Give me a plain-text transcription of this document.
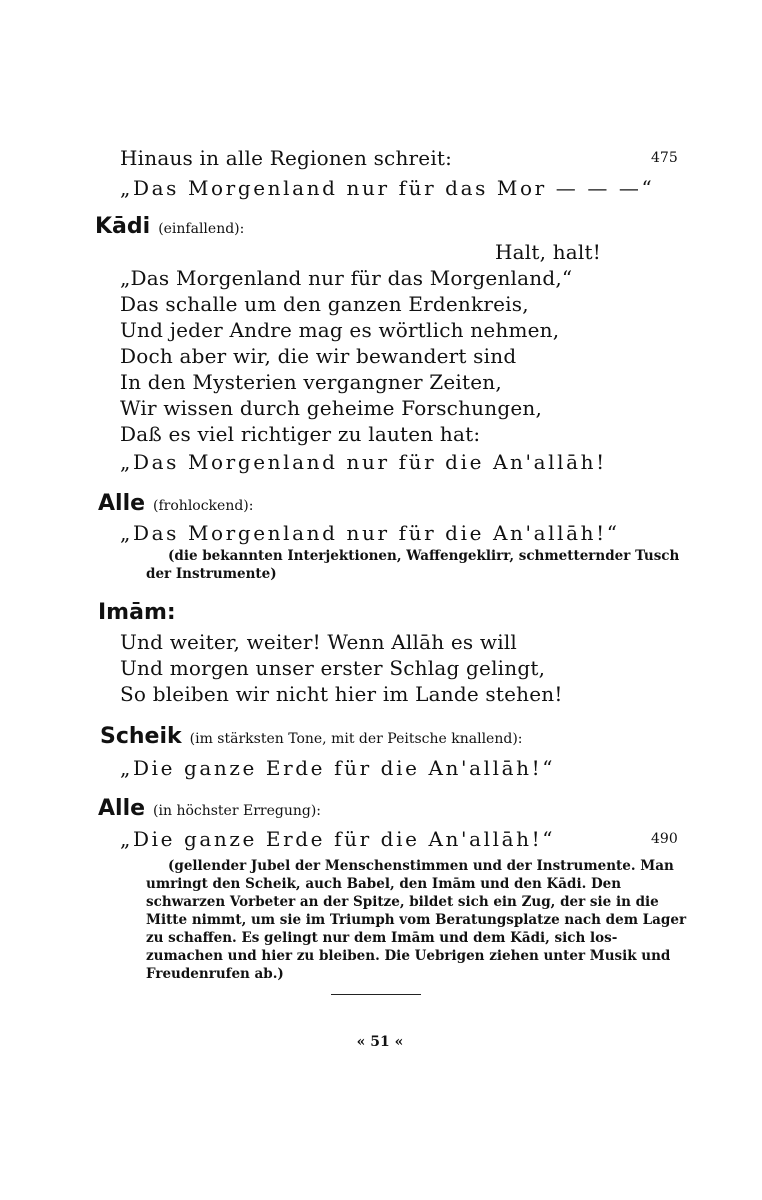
475
Hinaus in alle Regionen schreit:
„Das Morgenland nur für das Mor — — —“
Kādi (einfallend):
Halt, halt!
„Das Morgenland nur für das Morgenland,“
Das schalle um den ganzen Erdenkreis,
Und jeder Andre mag es wörtlich nehmen,
Doch aber wir, die wir bewandert sind
In den Mysterien vergangner Zeiten,
Wir wissen durch geheime Forschungen,
Daß es viel richtiger zu lauten hat:
„Das Morgenland nur für die An'allāh!
Alle (frohlockend):
„Das Morgenland nur für die An'allāh!“
(die bekannten Interjektionen, Waffengeklirr, schmetternder Tusch
der Instrumente)
Imām:
Und weiter, weiter! Wenn Allāh es will
Und morgen unser erster Schlag gelingt,
So bleiben wir nicht hier im Lande stehen!
Scheik (im stärksten Tone, mit der Peitsche knallend):
„Die ganze Erde für die An'allāh!“
Alle (in höchster Erregung):
„Die ganze Erde für die An'allāh!“	490
(gellender Jubel der Menschenstimmen und der Instrumente. Man
umringt den Scheik, auch Babel, den Imām und den Kādi. Den
schwarzen Vorbeter an der Spitze, bildet sich ein Zug, der sie in die
Mitte nimmt, um sie im Triumph vom Beratungsplatze nach dem Lager
zu schaffen. Es gelingt nur dem Imām und dem Kādi, sich los-
zumachen und hier zu bleiben. Die Uebrigen ziehen unter Musik und
Freudenrufen ab.)
« 51 «
